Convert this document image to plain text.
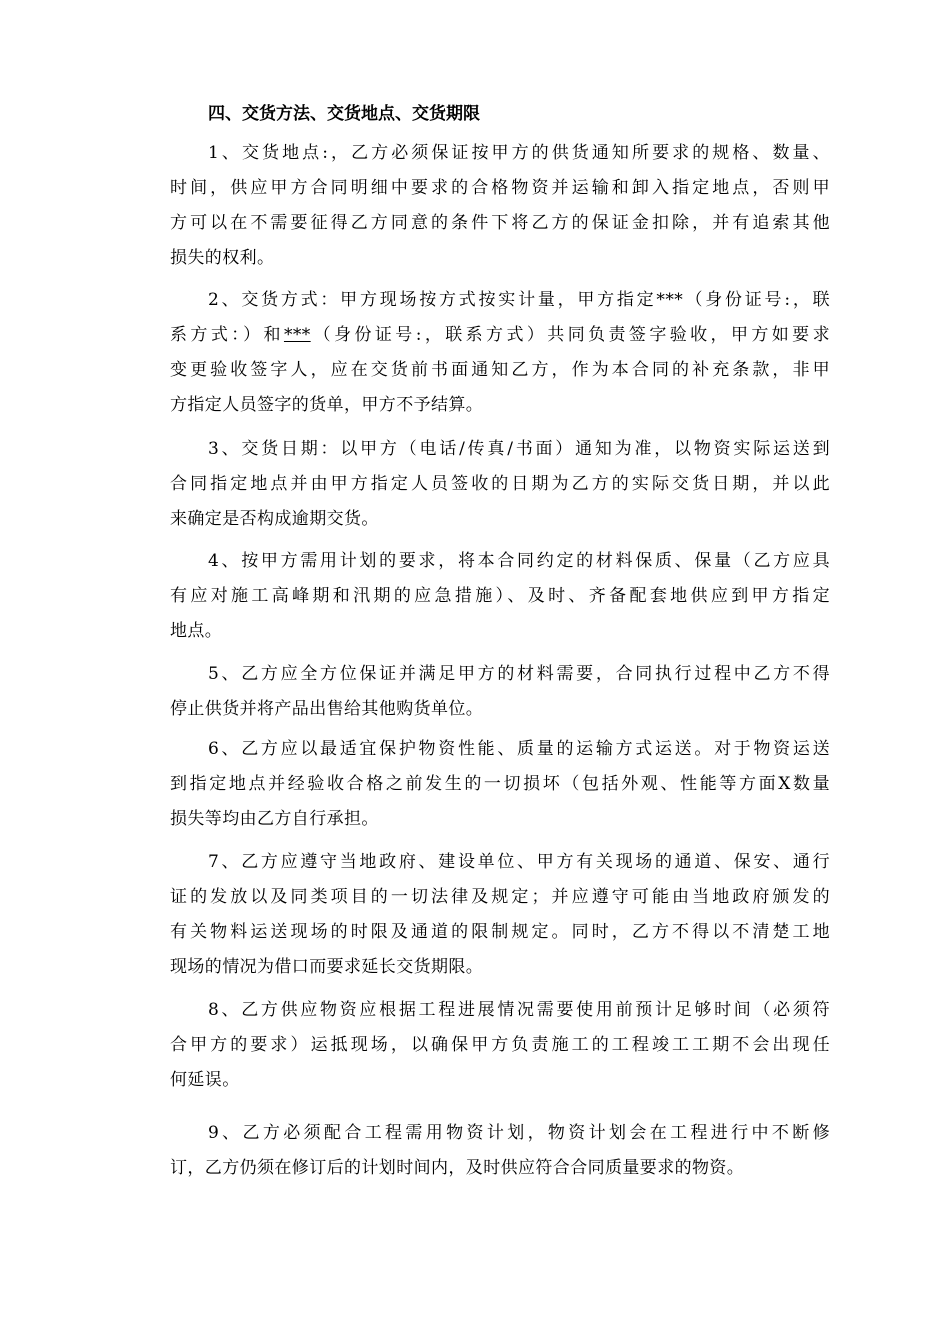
四、交货方法、交货地点、交货期限
1、交货地点:，乙方必须保证按甲方的供货通知所要求的规格、数量、
时间，供应甲方合同明细中要求的合格物资并运输和卸入指定地点，否则甲
方可以在不需要征得乙方同意的条件下将乙方的保证金扣除，并有追索其他
损失的权利。
2、交货方式：甲方现场按方式按实计量，甲方指定***（身份证号:，联
系方式：）和***（身份证号:，联系方式）共同负责签字验收，甲方如要求
变更验收签字人，应在交货前书面通知乙方，作为本合同的补充条款，非甲
方指定人员签字的货单，甲方不予结算。
3、交货日期：以甲方（电话/传真/书面）通知为准，以物资实际运送到
合同指定地点并由甲方指定人员签收的日期为乙方的实际交货日期，并以此
来确定是否构成逾期交货。
4、按甲方需用计划的要求，将本合同约定的材料保质、保量（乙方应具
有应对施工高峰期和汛期的应急措施）、及时、齐备配套地供应到甲方指定
地点。
5、乙方应全方位保证并满足甲方的材料需要，合同执行过程中乙方不得
停止供货并将产品出售给其他购货单位。
6、乙方应以最适宜保护物资性能、质量的运输方式运送。对于物资运送
到指定地点并经验收合格之前发生的一切损坏（包括外观、性能等方面X数量
损失等均由乙方自行承担。
7、乙方应遵守当地政府、建设单位、甲方有关现场的通道、保安、通行
证的发放以及同类项目的一切法律及规定；并应遵守可能由当地政府颁发的
有关物料运送现场的时限及通道的限制规定。同时，乙方不得以不清楚工地
现场的情况为借口而要求延长交货期限。
8、乙方供应物资应根据工程进展情况需要使用前预计足够时间（必须符
合甲方的要求）运抵现场，以确保甲方负责施工的工程竣工工期不会出现任
何延误。
9、乙方必须配合工程需用物资计划，物资计划会在工程进行中不断修
订，乙方仍须在修订后的计划时间内，及时供应符合合同质量要求的物资。
